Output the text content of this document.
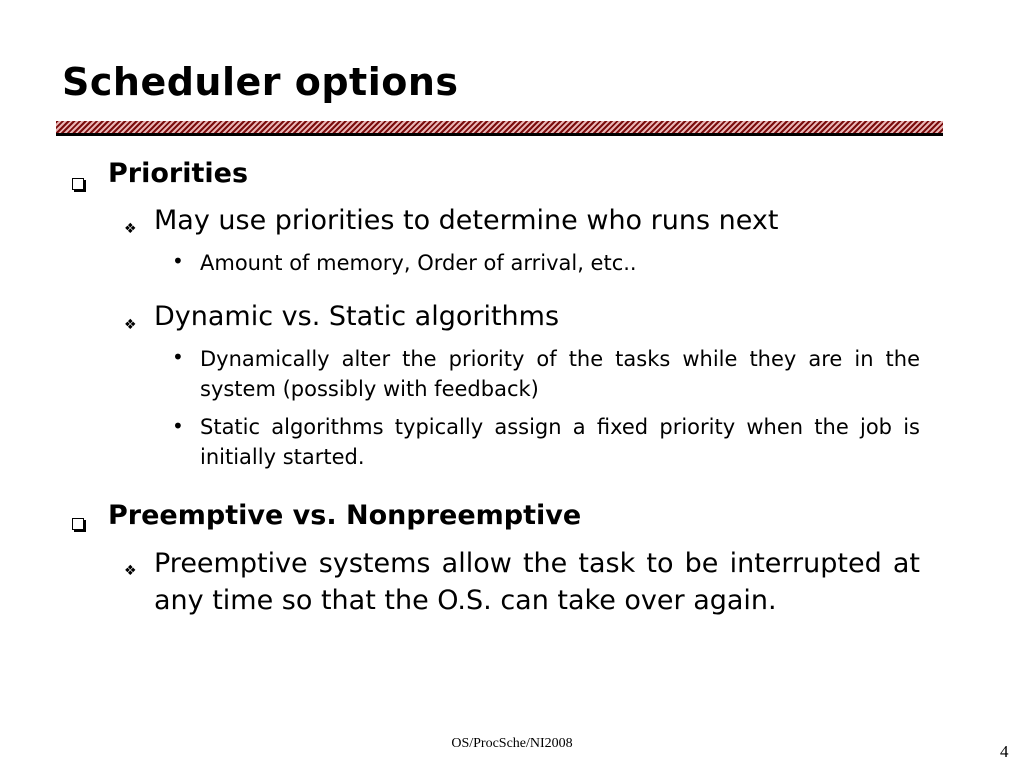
Scheduler options
Priorities
❖ May use priorities to determine who runs next
• Amount of memory, Order of arrival, etc..
❖ Dynamic vs. Static algorithms
• Dynamically alter the priority of the tasks while they are in the system (possibly with feedback)
• Static algorithms typically assign a fixed priority when the job is initially started.
Preemptive vs. Nonpreemptive
❖ Preemptive systems allow the task to be interrupted at any time so that the O.S. can take over again.
OS/ProcSche/NI2008	4
